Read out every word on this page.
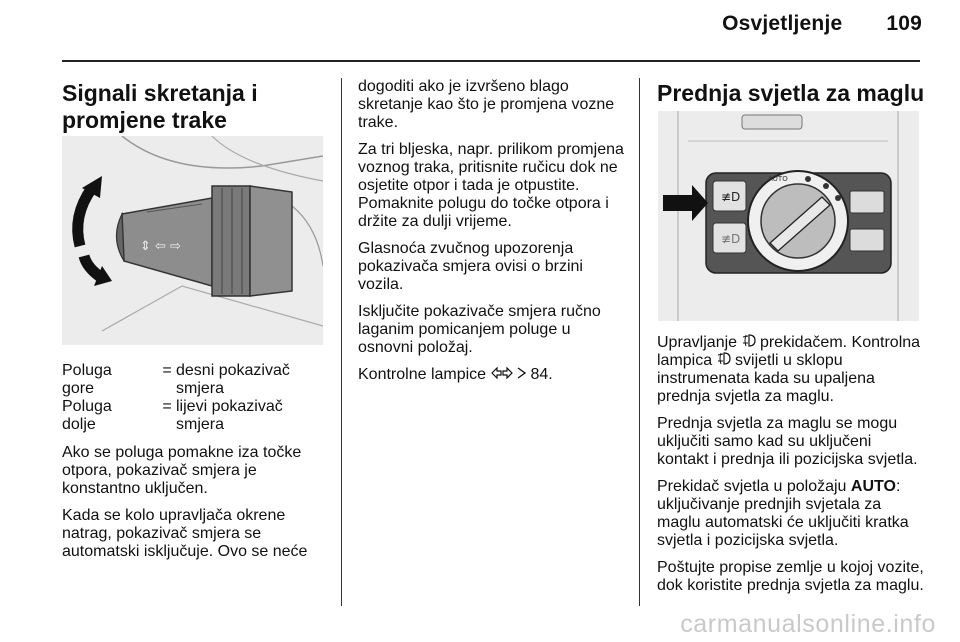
Osvjetljenje 109
Signali skretanja i
promjene trake
⇕ ⇦ ⇨
Poluga
gore
= desni pokazivač
smjera
Poluga
dolje
= lijevi pokazivač
smjera

Ako se poluga pomakne iza točke
otpora, pokazivač smjera je
konstantno uključen.

Kada se kolo upravljača okrene
natrag, pokazivač smjera se
automatski isključuje. Ovo se neće

dogoditi ako je izvršeno blago
skretanje kao što je promjena vozne
trake.

Za tri bljeska, napr. prilikom promjena
voznog traka, pritisnite ručicu dok ne
osjetite otpor i tada je otpustite.
Pomaknite polugu do točke otpora i
držite za dulji vrijeme.

Glasnoća zvučnog upozorenja
pokazivača smjera ovisi o brzini
vozila.

Isključite pokazivače smjera ručno
laganim pomicanjem poluge u
osnovni položaj.

Kontrolne lampice	84.

Prednja svjetla za maglu
≢D
≢D
AUTO

Upravljanje prekidačem. Kontrolna
lampica svijetli u sklopu
instrumenata kada su upaljena
prednja svjetla za maglu.

Prednja svjetla za maglu se mogu
uključiti samo kad su uključeni
kontakt i prednja ili pozicijska svjetla.

Prekidač svjetla u položaju AUTO:
uključivanje prednjih svjetala za
maglu automatski će uključiti kratka
svjetla i pozicijska svjetla.

Poštujte propise zemlje u kojoj vozite,
dok koristite prednja svjetla za maglu.

carmanualsonline.info
